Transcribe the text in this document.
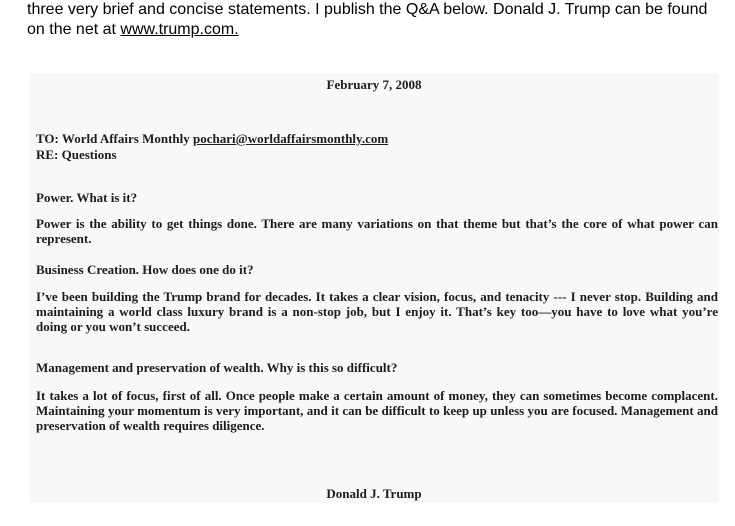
three very brief and concise statements. I publish the Q&A below. Donald J. Trump can be found on the net at www.trump.com.

February 7, 2008
TO: World Affairs Monthly pochari@worldaffairsmonthly.com
RE: Questions
Power. What is it?

Power is the ability to get things done. There are many variations on that theme but that’s the core of what power can represent.

Business Creation. How does one do it?

I’ve been building the Trump brand for decades. It takes a clear vision, focus, and tenacity --- I never stop. Building and maintaining a world class luxury brand is a non-stop job, but I enjoy it. That’s key too—you have to love what you’re doing or you won’t succeed.

Management and preservation of wealth. Why is this so difficult?

It takes a lot of focus, first of all. Once people make a certain amount of money, they can sometimes become complacent. Maintaining your momentum is very important, and it can be difficult to keep up unless you are focused. Management and preservation of wealth requires diligence.

Donald J. Trump
